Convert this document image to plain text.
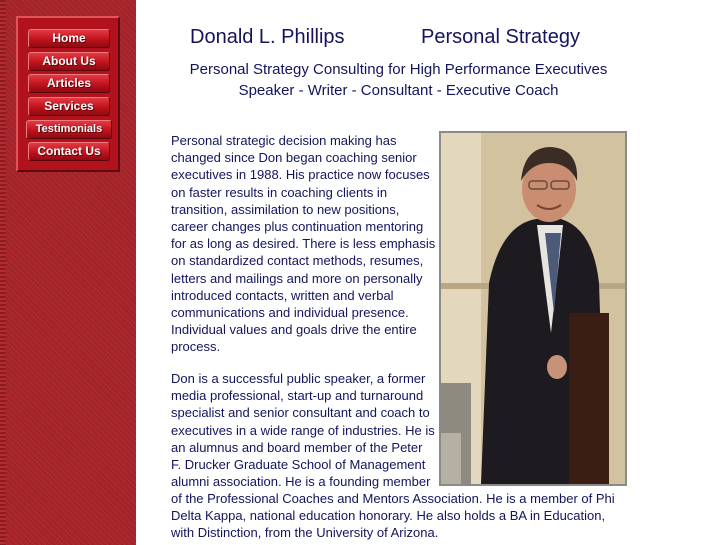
Home
About Us
Articles
Services
Testimonials
Contact Us
Donald L. Phillips	Personal Strategy
Personal Strategy Consulting for High Performance Executives
Speaker - Writer - Consultant - Executive Coach
Personal strategic decision making has
changed since Don began coaching senior
executives in 1988. His practice now focuses
on faster results in coaching clients in
transition, assimilation to new positions,
career changes plus continuation mentoring
for as long as desired. There is less emphasis
on standardized contact methods, resumes,
letters and mailings and more on personally
introduced contacts, written and verbal
communications and individual presence.
Individual values and goals drive the entire
process.
Don is a successful public speaker, a former
media professional, start-up and turnaround
specialist and senior consultant and coach to
executives in a wide range of industries. He is
an alumnus and board member of the Peter
F. Drucker Graduate School of Management
alumni association. He is a founding member
of the Professional Coaches and Mentors Association. He is a member of Phi
Delta Kappa, national education honorary. He also holds a BA in Education,
with Distinction, from the University of Arizona.
